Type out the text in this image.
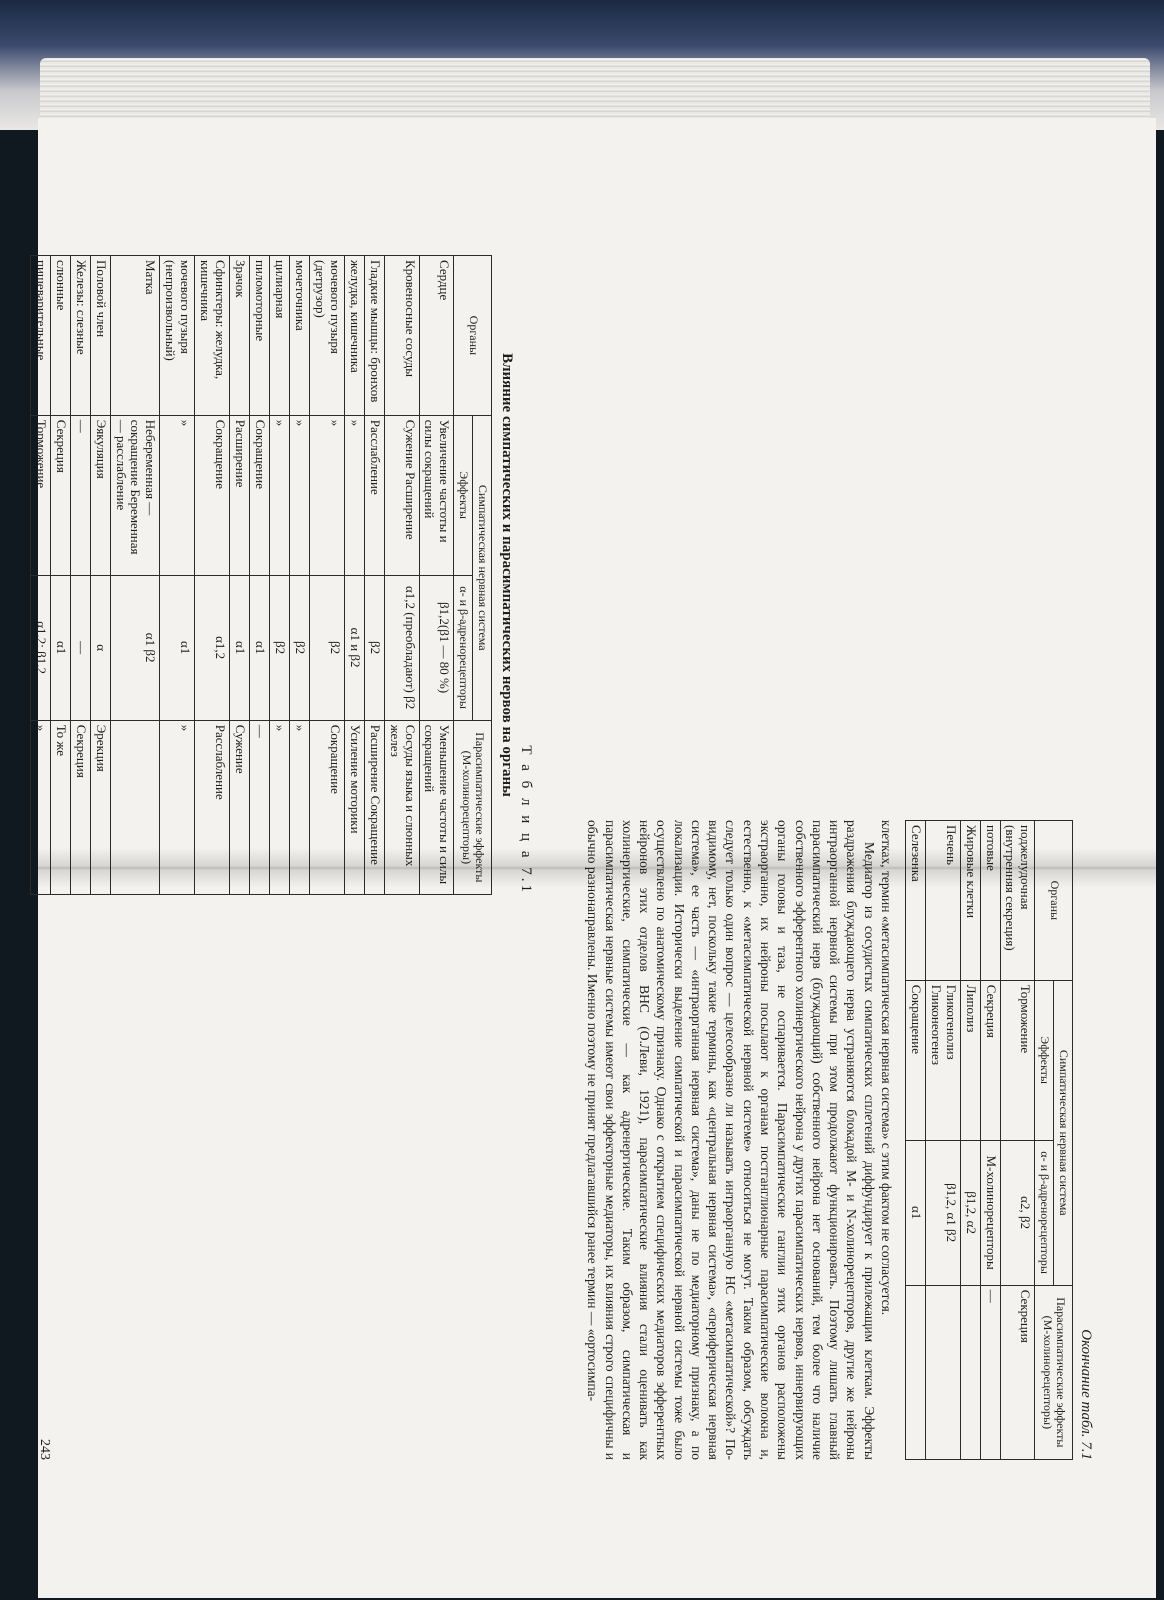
Т а б л и ц а 7.1
Влияние симпатических и парасимпатических нервов на органы
Органы	Симпатическая нервная система		Парасимпатические эффекты (М-холинорецепторы)
	Эффекты	α- и β-адренорецепторы	
Сердце	Увеличение частоты и силы сокращений	β1,2(β1 — 80 %)	Уменьшение частоты и силы сокращений
Кровеносные сосуды	Сужение Расширение	α1,2 (преобладают) β2	Сосуды языка и слюнных желез
Гладкие мышцы: бронхов	Расслабление	β2	Расширение Сокращение
желудка, кишечника	»	α1 и β2	Усиление моторики
мочевого пузыря (детрузор)	»	β2	Сокращение
мочеточника	»	β2	»
цилиарная	»	β2	»
пиломоторные	Сокращение	α1	—
Зрачок	Расширение	α1	Сужение
Сфинктеры: желудка, кишечника	Сокращение	α1,2	Расслабление
мочевого пузыря (непроизвольный)	»	α1	»
Матка	Небеременная — сокращение Беременная — расслабление	α1 β2	
Половой член	Эякуляция	α	Эрекция
Железы: слезные	—	—	Секреция
слюнные	Секреция	α1	То же
пищеварительные	Торможение	α1,2; β1,2	»
Окончание табл. 7.1
Органы	Симпатическая нервная система		Парасимпатические эффекты (М-холинорецепторы)
	Эффекты	α- и β-адренорецепторы	
поджелудочная (внутренняя секреция)	Торможение	α2, β2	Секреция
потовые	Секреция	М-холинорецепторы	—
Жировые клетки	Липолиз	β1,2, α2	
Печень	Гликогенолиз Гликонеогенез	β1,2, α1 β2	
Селезенка	Сокращение	α1	

клетках, термин «метасимпатическая нервная система» с этим фактом не согласуется.

Медиатор из сосудистых симпатических сплетений диффундирует к прилежащим клеткам. Эффекты раздражения блуждающего нерва устраняются блокадой М- и N-холинорецепторов, другие же нейроны интраорганной нервной системы при этом продолжают функционировать. Поэтому лишать главный парасимпатический нерв (блуждающий) собственного нейрона нет оснований, тем более что наличие собственного эфферентного холинергического нейрона у других парасимпатических нервов, иннервирующих органы головы и таза, не оспаривается. Парасимпатические ганглии этих органов расположены экстраорганно, их нейроны посылают к органам постганглионарные парасимпатические волокна и, естественно, к «метасимпатической нервной системе» относиться не могут. Таким образом, обсуждать следует только один вопрос — целесообразно ли называть интраорганную НС «метасимпатической»? По-видимому, нет, поскольку такие термины, как «центральная нервная система», «периферическая нервная система», ее часть — «интраорганная нервная система», даны не по медиаторному признаку, а по локализации. Исторически выделение симпатической и парасимпатической нервной системы тоже было осуществлено по анатомическому признаку. Однако с открытием специфических медиаторов эфферентных нейронов этих отделов ВНС (О.Леви, 1921), парасимпатические влияния стали оценивать как холинергические, симпатические — как адренергические. Таким образом, симпатическая и парасимпатическая нервные системы имеют свои эффекторные медиаторы, их влияния строго специфичны и обычно разнонаправлены. Именно поэтому не принят предлагавшийся ранее термин — «ортосимпа-

243
